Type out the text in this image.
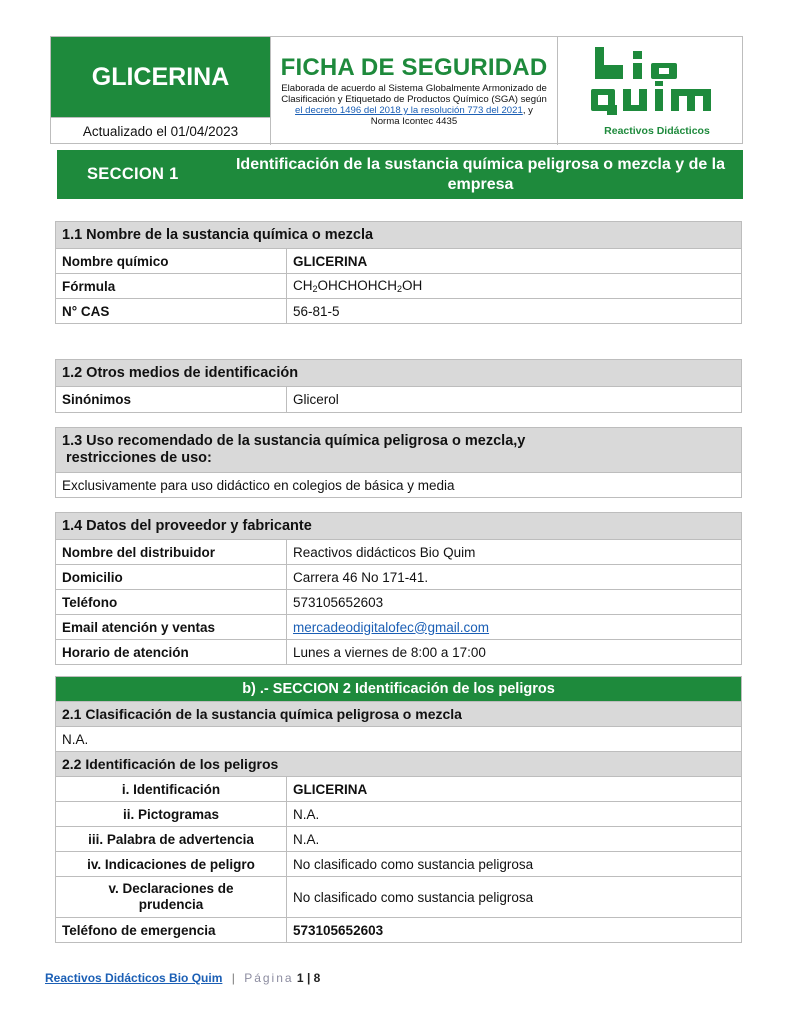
GLICERINA
Actualizado el 01/04/2023
FICHA DE SEGURIDAD
Elaborada de acuerdo al Sistema Globalmente Armonizado de Clasificación y Etiquetado de Productos Químico (SGA) según el decreto 1496 del 2018 y la resolución 773 del 2021, y Norma Icontec 4435
Reactivos Didácticos
SECCION 1
Identificación de la sustancia química peligrosa o mezcla y de la empresa
1.1 Nombre de la sustancia química o mezcla	
Nombre químico	GLICERINA
Fórmula	$CH_2OHCHOHCH_2OH$
N° CAS	56-81-5
1.2 Otros medios de identificación
Sinónimos	Glicerol
1.3 Uso recomendado de la sustancia química peligrosa o mezcla,y
restricciones de uso:

Exclusivamente para uso didáctico en colegios de básica y media
1.4 Datos del proveedor y fabricante	
Nombre del distribuidor	Reactivos didácticos Bio Quim
Domicilio	Carrera 46 No 171-41.
Teléfono	573105652603
Email atención y ventas	mercadeodigitalofec@gmail.com
Horario de atención	Lunes a viernes de 8:00 a 17:00
b) .- SECCION 2 Identificación de los peligros	
2.1 Clasificación de la sustancia química peligrosa o mezcla	
N.A.	
2.2 Identificación de los peligros	
i. Identificación	GLICERINA
ii. Pictogramas	N.A.
iii. Palabra de advertencia	N.A.
iv. Indicaciones de peligro	No clasificado como sustancia peligrosa

v. Declaraciones de
prudencia	No clasificado como sustancia peligrosa
Teléfono de emergencia	573105652603
Reactivos Didácticos Bio Quim | Página 1 | 8
